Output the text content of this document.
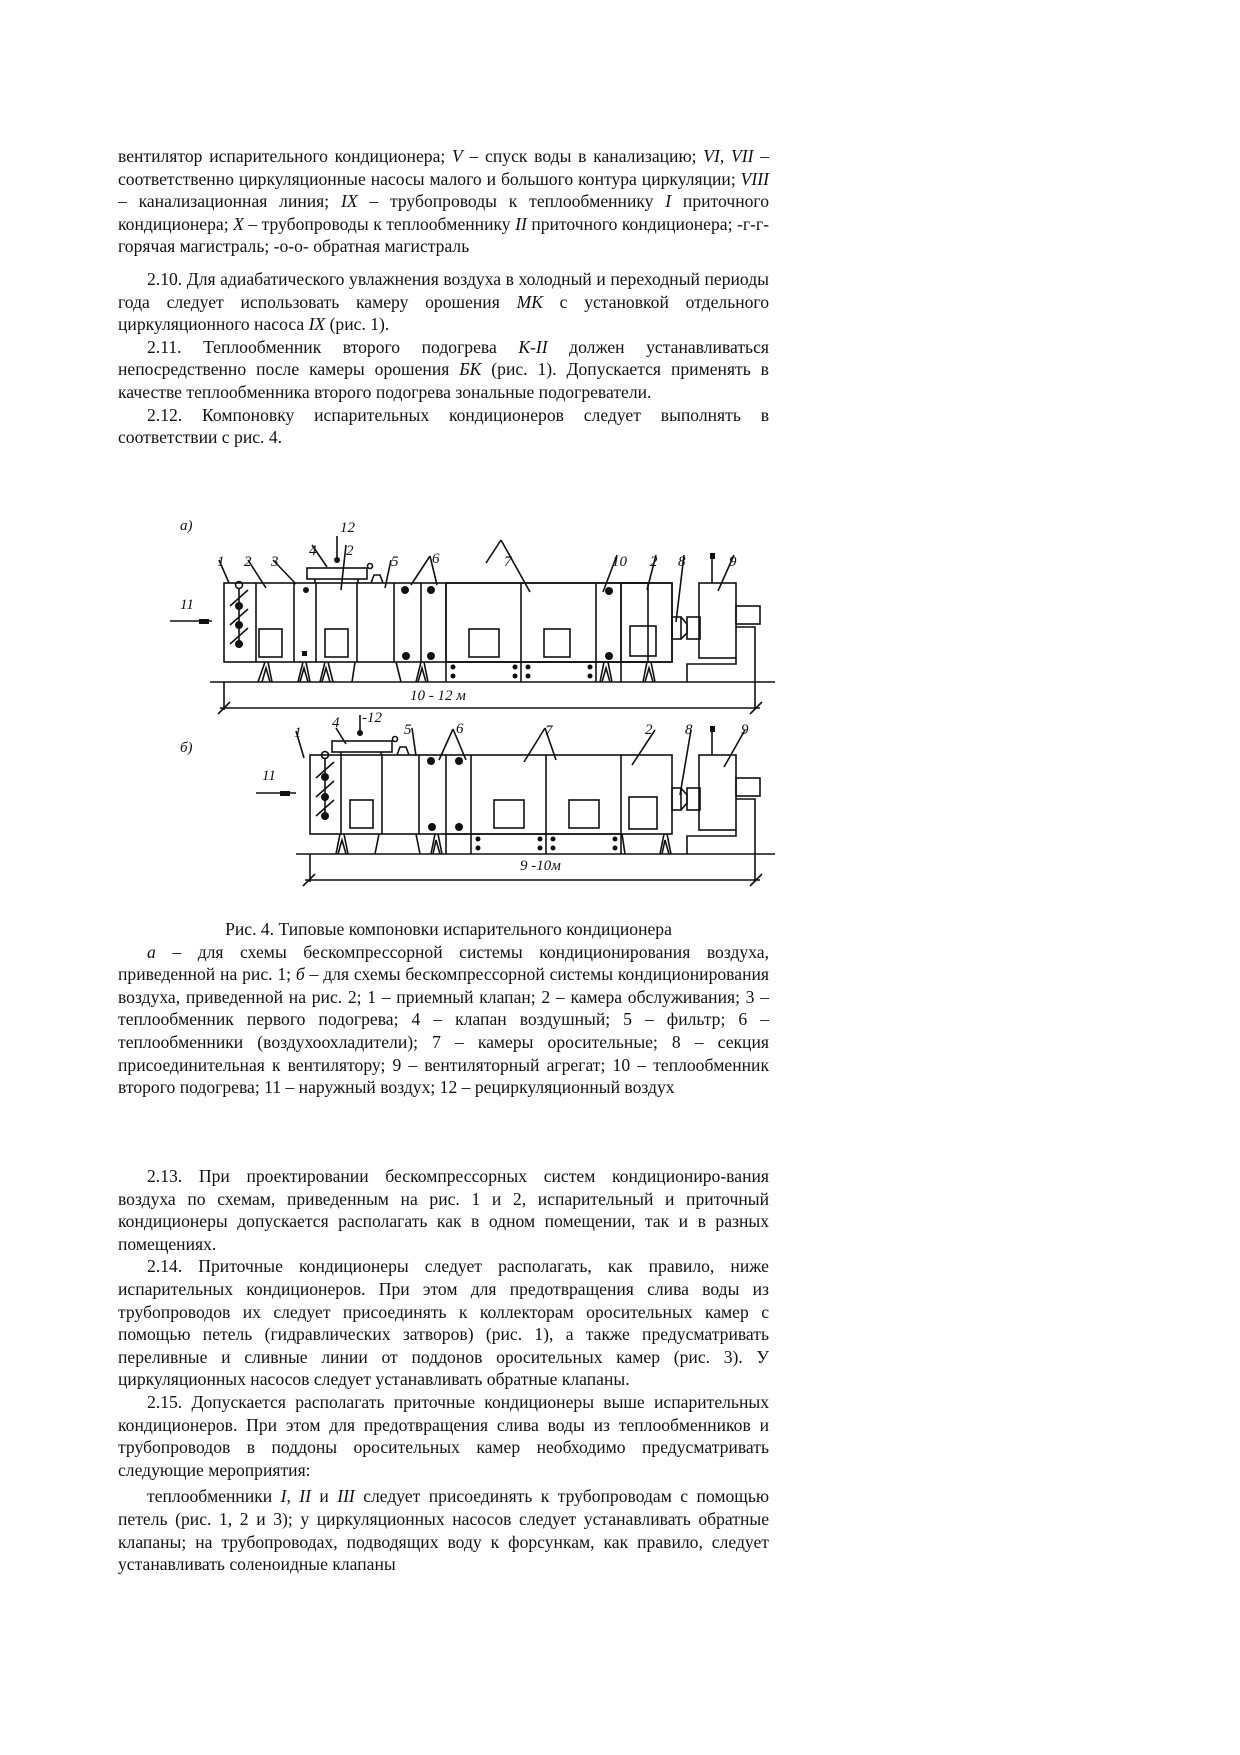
вентилятор испарительного кондиционера; V – спуск воды в канализацию; VI, VII – соответственно циркуляционные насосы малого и большого контура циркуляции; VIII – канализационная линия; IX – трубопроводы к теплообменнику I приточного кондиционера; X – трубопроводы к теплообменнику II приточного кондиционера; -г-г- горячая магистраль; -о-о- обратная магистраль

2.10. Для адиабатического увлажнения воздуха в холодный и переходный периоды года следует использовать камеру орошения МК с установкой отдельного циркуляционного насоса IX (рис. 1).

2.11. Теплообменник второго подогрева К-II должен устанавливаться непосредственно после камеры орошения БК (рис. 1). Допускается применять в качестве теплообменника второго подогрева зональные подогреватели.

2.12. Компоновку испарительных кондиционеров следует выполнять в соответствии с рис. 4.

а)
1 2 3
4
12
2
5 6	7	10 2 8	9
11
10 - 12 м
б)
1
4 -12
5	6	7	2 8	9
11
9 -10м

Рис. 4. Типовые компоновки испарительного кондиционера

а – для схемы бескомпрессорной системы кондиционирования воздуха, приведенной на рис. 1; б – для схемы бескомпрессорной системы кондиционирования воздуха, приведенной на рис. 2; 1 – приемный клапан; 2 – камера обслуживания; 3 – теплообменник первого подогрева; 4 – клапан воздушный; 5 – фильтр; 6 – теплообменники (воздухоохладители); 7 – камеры оросительные; 8 – секция присоединительная к вентилятору; 9 – вентиляторный агрегат; 10 – теплообменник второго подогрева; 11 – наружный воздух; 12 – рециркуляционный воздух

2.13. При проектировании бескомпрессорных систем кондициониро-вания воздуха по схемам, приведенным на рис. 1 и 2, испарительный и приточный кондиционеры допускается располагать как в одном помещении, так и в разных помещениях.

2.14. Приточные кондиционеры следует располагать, как правило, ниже испарительных кондиционеров. При этом для предотвращения слива воды из трубопроводов их следует присоединять к коллекторам оросительных камер с помощью петель (гидравлических затворов) (рис. 1), а также предусматривать переливные и сливные линии от поддонов оросительных камер (рис. 3). У циркуляционных насосов следует устанавливать обратные клапаны.

2.15. Допускается располагать приточные кондиционеры выше испарительных кондиционеров. При этом для предотвращения слива воды из теплообменников и трубопроводов в поддоны оросительных камер необходимо предусматривать следующие мероприятия:

теплообменники I, II и III следует присоединять к трубопроводам с помощью петель (рис. 1, 2 и 3); у циркуляционных насосов следует устанавливать обратные клапаны; на трубопроводах, подводящих воду к форсункам, как правило, следует устанавливать соленоидные клапаны
